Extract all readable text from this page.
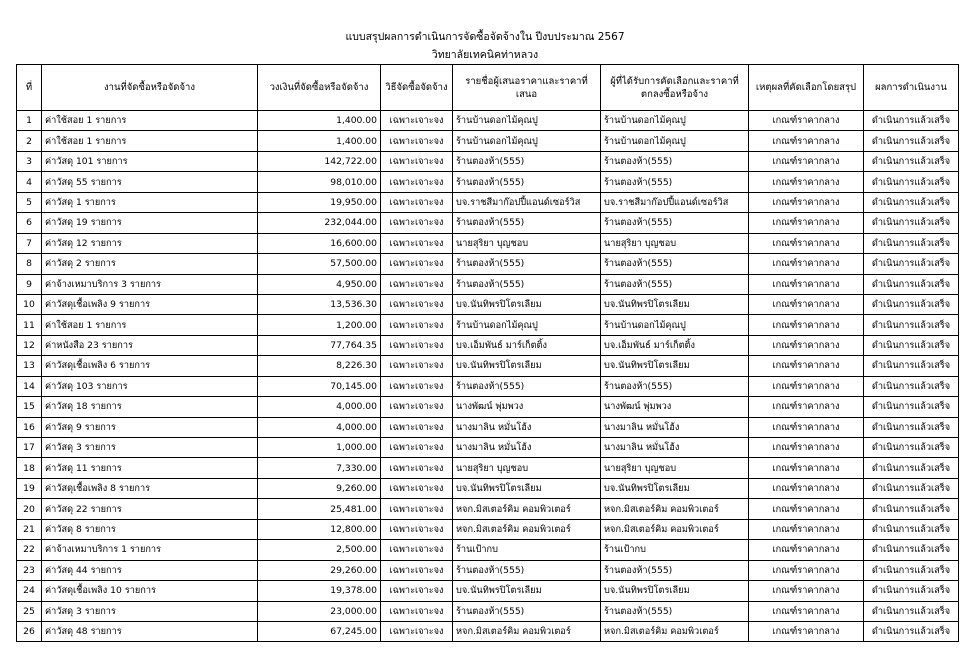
แบบสรุปผลการดำเนินการจัดซื้อจัดจ้างใน ปีงบประมาณ 2567
วิทยาลัยเทคนิคท่าหลวง
ที่	งานที่จัดซื้อหรือจัดจ้าง	วงเงินที่จัดซื้อหรือจัดจ้าง	วิธีจัดซื้อจัดจ้าง	รายชื่อผู้เสนอราคาและราคาที่เสนอ	ผู้ที่ได้รับการคัดเลือกและราคาที่ตกลงซื้อหรือจ้าง	เหตุผลที่คัดเลือกโดยสรุป	ผลการดำเนินงาน
1	ค่าใช้สอย 1 รายการ	1,400.00	เฉพาะเจาะจง	ร้านบ้านดอกไม้คุณปู	ร้านบ้านดอกไม้คุณปู	เกณฑ์ราคากลาง	ดำเนินการแล้วเสร็จ
2	ค่าใช้สอย 1 รายการ	1,400.00	เฉพาะเจาะจง	ร้านบ้านดอกไม้คุณปู	ร้านบ้านดอกไม้คุณปู	เกณฑ์ราคากลาง	ดำเนินการแล้วเสร็จ
3	ค่าวัสดุ 101 รายการ	142,722.00	เฉพาะเจาะจง	ร้านตองห้า(555)	ร้านตองห้า(555)	เกณฑ์ราคากลาง	ดำเนินการแล้วเสร็จ
4	ค่าวัสดุ 55 รายการ	98,010.00	เฉพาะเจาะจง	ร้านตองห้า(555)	ร้านตองห้า(555)	เกณฑ์ราคากลาง	ดำเนินการแล้วเสร็จ
5	ค่าวัสดุ 1 รายการ	19,950.00	เฉพาะเจาะจง	บจ.ราชสีมาก๊อปปี้แอนด์เซอร์วิส	บจ.ราชสีมาก๊อปปี้แอนด์เซอร์วิส	เกณฑ์ราคากลาง	ดำเนินการแล้วเสร็จ
6	ค่าวัสดุ 19 รายการ	232,044.00	เฉพาะเจาะจง	ร้านตองห้า(555)	ร้านตองห้า(555)	เกณฑ์ราคากลาง	ดำเนินการแล้วเสร็จ
7	ค่าวัสดุ 12 รายการ	16,600.00	เฉพาะเจาะจง	นายสุริยา บุญชอบ	นายสุริยา บุญชอบ	เกณฑ์ราคากลาง	ดำเนินการแล้วเสร็จ
8	ค่าวัสดุ 2 รายการ	57,500.00	เฉพาะเจาะจง	ร้านตองห้า(555)	ร้านตองห้า(555)	เกณฑ์ราคากลาง	ดำเนินการแล้วเสร็จ
9	ค่าจ้างเหมาบริการ 3 รายการ	4,950.00	เฉพาะเจาะจง	ร้านตองห้า(555)	ร้านตองห้า(555)	เกณฑ์ราคากลาง	ดำเนินการแล้วเสร็จ
10	ค่าวัสดุเชื้อเพลิง 9 รายการ	13,536.30	เฉพาะเจาะจง	บจ.นันทิพรปิโตรเลียม	บจ.นันทิพรปิโตรเลียม	เกณฑ์ราคากลาง	ดำเนินการแล้วเสร็จ
11	ค่าใช้สอย 1 รายการ	1,200.00	เฉพาะเจาะจง	ร้านบ้านดอกไม้คุณปู	ร้านบ้านดอกไม้คุณปู	เกณฑ์ราคากลาง	ดำเนินการแล้วเสร็จ
12	ค่าหนังสือ 23 รายการ	77,764.35	เฉพาะเจาะจง	บจ.เอ็มพันธ์ มาร์เก็ตติ้ง	บจ.เอ็มพันธ์ มาร์เก็ตติ้ง	เกณฑ์ราคากลาง	ดำเนินการแล้วเสร็จ
13	ค่าวัสดุเชื้อเพลิง 6 รายการ	8,226.30	เฉพาะเจาะจง	บจ.นันทิพรปิโตรเลียม	บจ.นันทิพรปิโตรเลียม	เกณฑ์ราคากลาง	ดำเนินการแล้วเสร็จ
14	ค่าวัสดุ 103 รายการ	70,145.00	เฉพาะเจาะจง	ร้านตองห้า(555)	ร้านตองห้า(555)	เกณฑ์ราคากลาง	ดำเนินการแล้วเสร็จ
15	ค่าวัสดุ 18 รายการ	4,000.00	เฉพาะเจาะจง	นางพัฒน์ พุ่มพวง	นางพัฒน์ พุ่มพวง	เกณฑ์ราคากลาง	ดำเนินการแล้วเสร็จ
16	ค่าวัสดุ 9 รายการ	4,000.00	เฉพาะเจาะจง	นางมาลิน หมั่นโฮ้ง	นางมาลิน หมั่นโฮ้ง	เกณฑ์ราคากลาง	ดำเนินการแล้วเสร็จ
17	ค่าวัสดุ 3 รายการ	1,000.00	เฉพาะเจาะจง	นางมาลิน หมั่นโฮ้ง	นางมาลิน หมั่นโฮ้ง	เกณฑ์ราคากลาง	ดำเนินการแล้วเสร็จ
18	ค่าวัสดุ 11 รายการ	7,330.00	เฉพาะเจาะจง	นายสุริยา บุญชอบ	นายสุริยา บุญชอบ	เกณฑ์ราคากลาง	ดำเนินการแล้วเสร็จ
19	ค่าวัสดุเชื้อเพลิง 8 รายการ	9,260.00	เฉพาะเจาะจง	บจ.นันทิพรปิโตรเลียม	บจ.นันทิพรปิโตรเลียม	เกณฑ์ราคากลาง	ดำเนินการแล้วเสร็จ
20	ค่าวัสดุ 22 รายการ	25,481.00	เฉพาะเจาะจง	หจก.มิสเตอร์คิม คอมพิวเตอร์	หจก.มิสเตอร์คิม คอมพิวเตอร์	เกณฑ์ราคากลาง	ดำเนินการแล้วเสร็จ
21	ค่าวัสดุ 8 รายการ	12,800.00	เฉพาะเจาะจง	หจก.มิสเตอร์คิม คอมพิวเตอร์	หจก.มิสเตอร์คิม คอมพิวเตอร์	เกณฑ์ราคากลาง	ดำเนินการแล้วเสร็จ
22	ค่าจ้างเหมาบริการ 1 รายการ	2,500.00	เฉพาะเจาะจง	ร้านเป้ากบ	ร้านเป้ากบ	เกณฑ์ราคากลาง	ดำเนินการแล้วเสร็จ
23	ค่าวัสดุ 44 รายการ	29,260.00	เฉพาะเจาะจง	ร้านตองห้า(555)	ร้านตองห้า(555)	เกณฑ์ราคากลาง	ดำเนินการแล้วเสร็จ
24	ค่าวัสดุเชื้อเพลิง 10 รายการ	19,378.00	เฉพาะเจาะจง	บจ.นันทิพรปิโตรเลียม	บจ.นันทิพรปิโตรเลียม	เกณฑ์ราคากลาง	ดำเนินการแล้วเสร็จ
25	ค่าวัสดุ 3 รายการ	23,000.00	เฉพาะเจาะจง	ร้านตองห้า(555)	ร้านตองห้า(555)	เกณฑ์ราคากลาง	ดำเนินการแล้วเสร็จ
26	ค่าวัสดุ 48 รายการ	67,245.00	เฉพาะเจาะจง	หจก.มิสเตอร์คิม คอมพิวเตอร์	หจก.มิสเตอร์คิม คอมพิวเตอร์	เกณฑ์ราคากลาง	ดำเนินการแล้วเสร็จ
